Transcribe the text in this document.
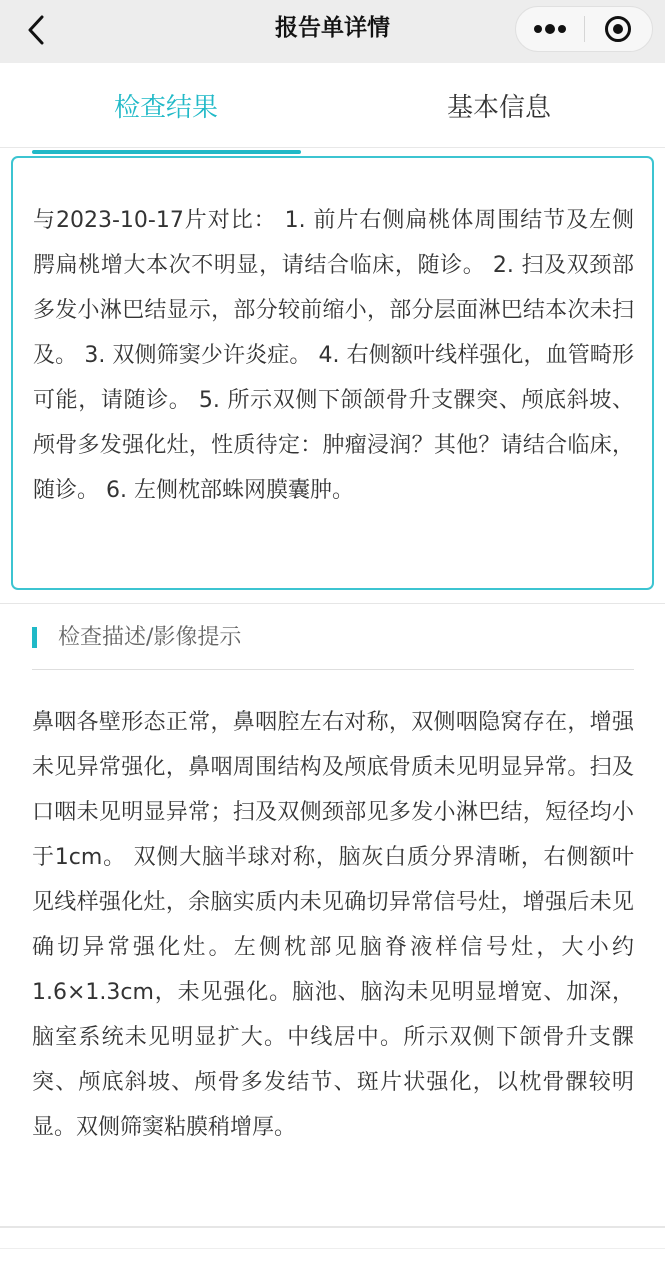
报告单详情
检查结果	基本信息

与2023-10-17片对比： 1. 前片右侧扁桃体周围结节及左侧腭扁桃增大本次不明显，请结合临床，随诊。 2. 扫及双颈部多发小淋巴结显示，部分较前缩小，部分层面淋巴结本次未扫及。 3. 双侧筛窦少许炎症。 4. 右侧额叶线样强化，血管畸形可能，请随诊。 5. 所示双侧下颌颌骨升支髁突、颅底斜坡、颅骨多发强化灶，性质待定：肿瘤浸润？其他？请结合临床，随诊。 6. 左侧枕部蛛网膜囊肿。

检查描述/影像提示

鼻咽各壁形态正常，鼻咽腔左右对称，双侧咽隐窝存在，增强未见异常强化，鼻咽周围结构及颅底骨质未见明显异常。扫及口咽未见明显异常；扫及双侧颈部见多发小淋巴结，短径均小于1cm。 双侧大脑半球对称，脑灰白质分界清晰，右侧额叶见线样强化灶，余脑实质内未见确切异常信号灶，增强后未见确切异常强化灶。左侧枕部见脑脊液样信号灶，大小约1.6×1.3cm，未见强化。脑池、脑沟未见明显增宽、加深，脑室系统未见明显扩大。中线居中。所示双侧下颌骨升支髁突、颅底斜坡、颅骨多发结节、斑片状强化，以枕骨髁较明显。双侧筛窦粘膜稍增厚。
